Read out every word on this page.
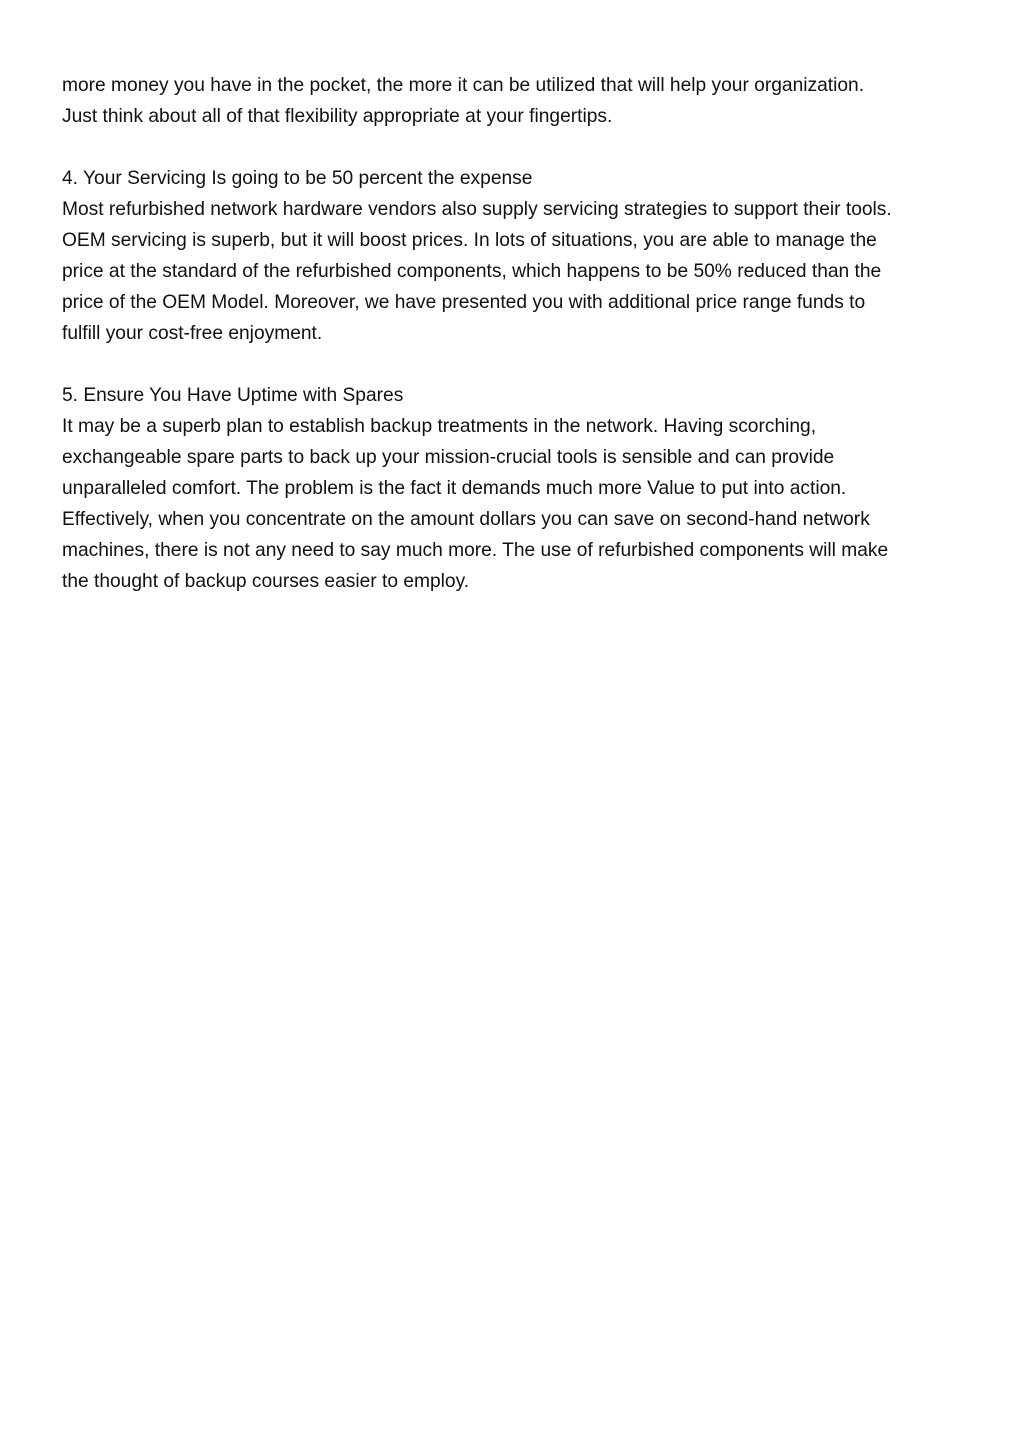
more money you have in the pocket, the more it can be utilized that will help your organization.
Just think about all of that flexibility appropriate at your fingertips.
4. Your Servicing Is going to be 50 percent the expense
Most refurbished network hardware vendors also supply servicing strategies to support their tools.
OEM servicing is superb, but it will boost prices. In lots of situations, you are able to manage the
price at the standard of the refurbished components, which happens to be 50% reduced than the
price of the OEM Model. Moreover, we have presented you with additional price range funds to
fulfill your cost-free enjoyment.
5. Ensure You Have Uptime with Spares
It may be a superb plan to establish backup treatments in the network. Having scorching,
exchangeable spare parts to back up your mission-crucial tools is sensible and can provide
unparalleled comfort. The problem is the fact it demands much more Value to put into action.
Effectively, when you concentrate on the amount dollars you can save on second-hand network
machines, there is not any need to say much more. The use of refurbished components will make
the thought of backup courses easier to employ.
